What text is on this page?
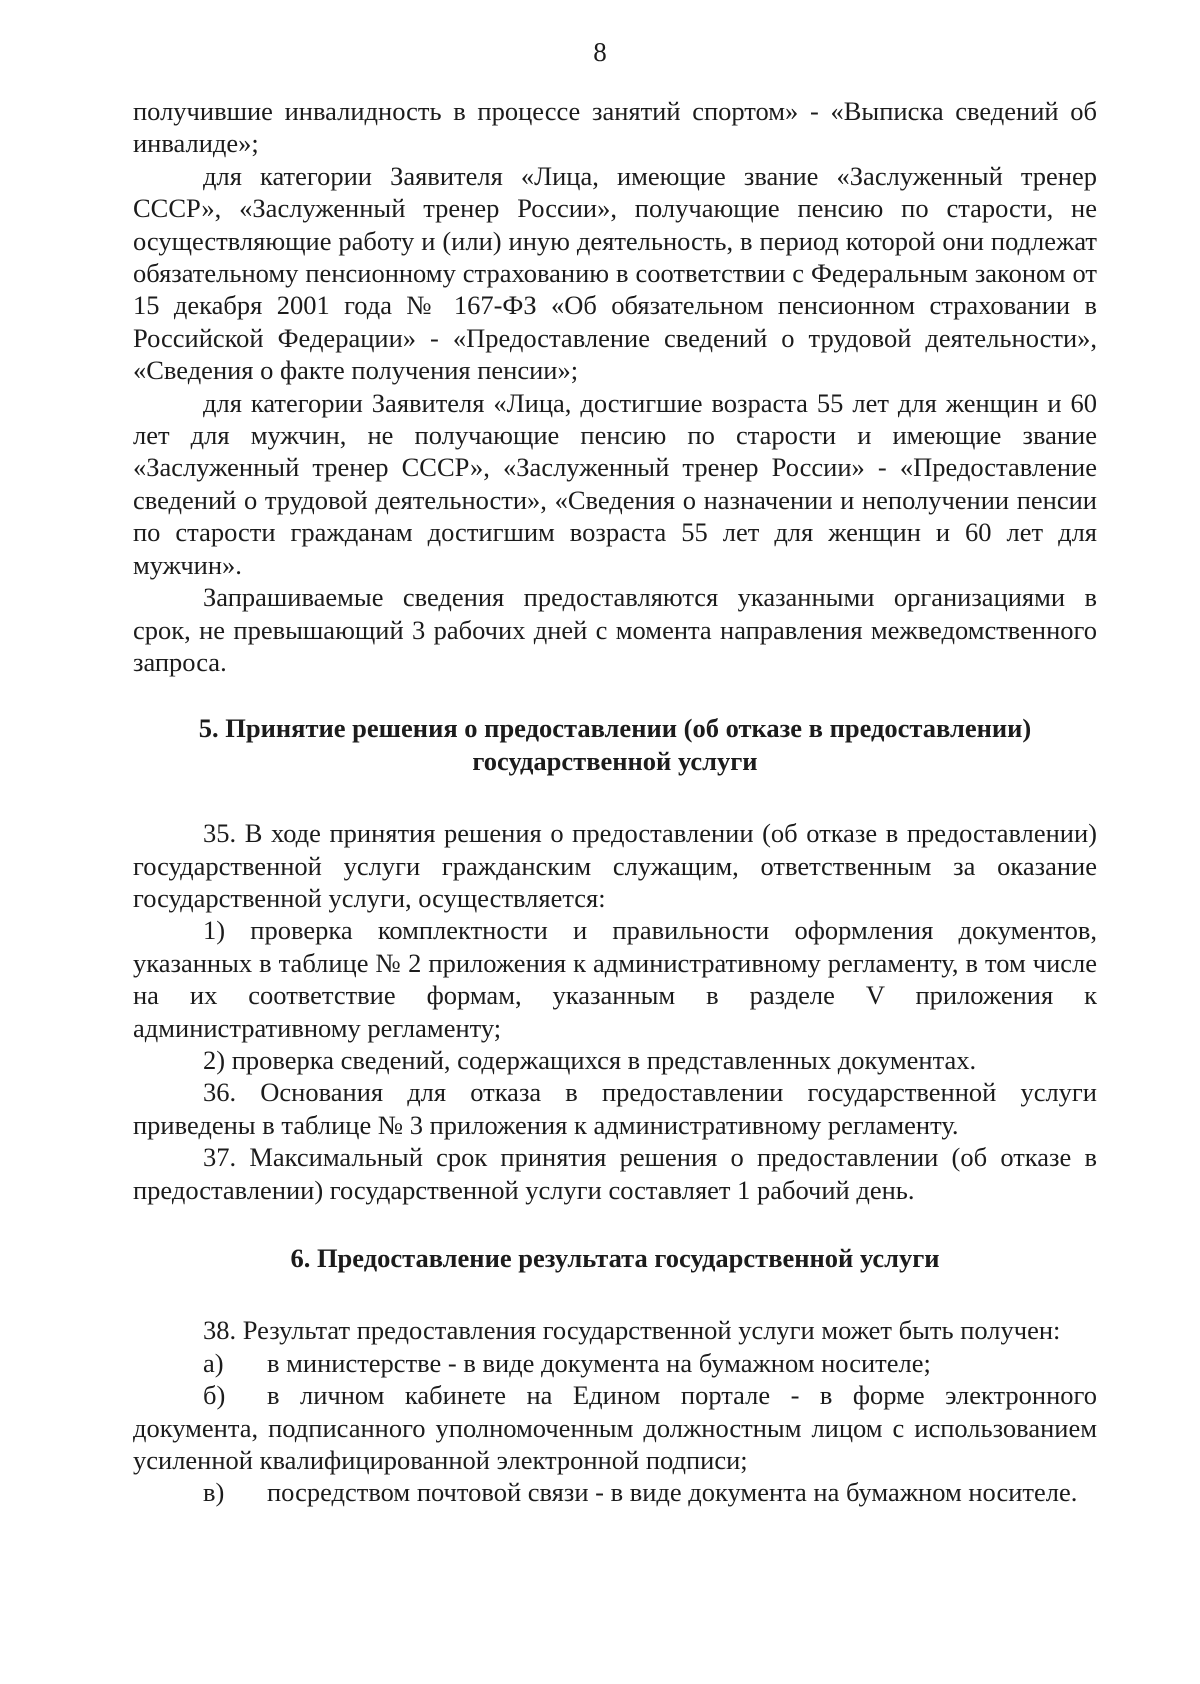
8

получившие инвалидность в процессе занятий спортом» - «Выписка сведений об инвалиде»;

для категории Заявителя «Лица, имеющие звание «Заслуженный тренер СССР», «Заслуженный тренер России», получающие пенсию по старости, не осуществляющие работу и (или) иную деятельность, в период которой они подлежат обязательному пенсионному страхованию в соответствии с Федеральным законом от 15 декабря 2001 года № 167-ФЗ «Об обязательном пенсионном страховании в Российской Федерации» - «Предоставление сведений о трудовой деятельности», «Сведения о факте получения пенсии»;

для категории Заявителя «Лица, достигшие возраста 55 лет для женщин и 60 лет для мужчин, не получающие пенсию по старости и имеющие звание «Заслуженный тренер СССР», «Заслуженный тренер России» - «Предоставление сведений о трудовой деятельности», «Сведения о назначении и неполучении пенсии по старости гражданам достигшим возраста 55 лет для женщин и 60 лет для мужчин».

Запрашиваемые сведения предоставляются указанными организациями в срок, не превышающий 3 рабочих дней с момента направления межведомственного запроса.

5. Принятие решения о предоставлении (об отказе в предоставлении)

государственной услуги

35. В ходе принятия решения о предоставлении (об отказе в предоставлении) государственной услуги гражданским служащим, ответственным за оказание государственной услуги, осуществляется:

1) проверка комплектности и правильности оформления документов, указанных в таблице № 2 приложения к административному регламенту, в том числе на их соответствие формам, указанным в разделе V приложения к административному регламенту;

2) проверка сведений, содержащихся в представленных документах.

36. Основания для отказа в предоставлении государственной услуги приведены в таблице № 3 приложения к административному регламенту.

37. Максимальный срок принятия решения о предоставлении (об отказе в предоставлении) государственной услуги составляет 1 рабочий день.

6. Предоставление результата государственной услуги

38. Результат предоставления государственной услуги может быть получен:

а) в министерстве - в виде документа на бумажном носителе;

б) в личном кабинете на Едином портале - в форме электронного документа, подписанного уполномоченным должностным лицом с использованием усиленной квалифицированной электронной подписи;

в) посредством почтовой связи - в виде документа на бумажном носителе.
